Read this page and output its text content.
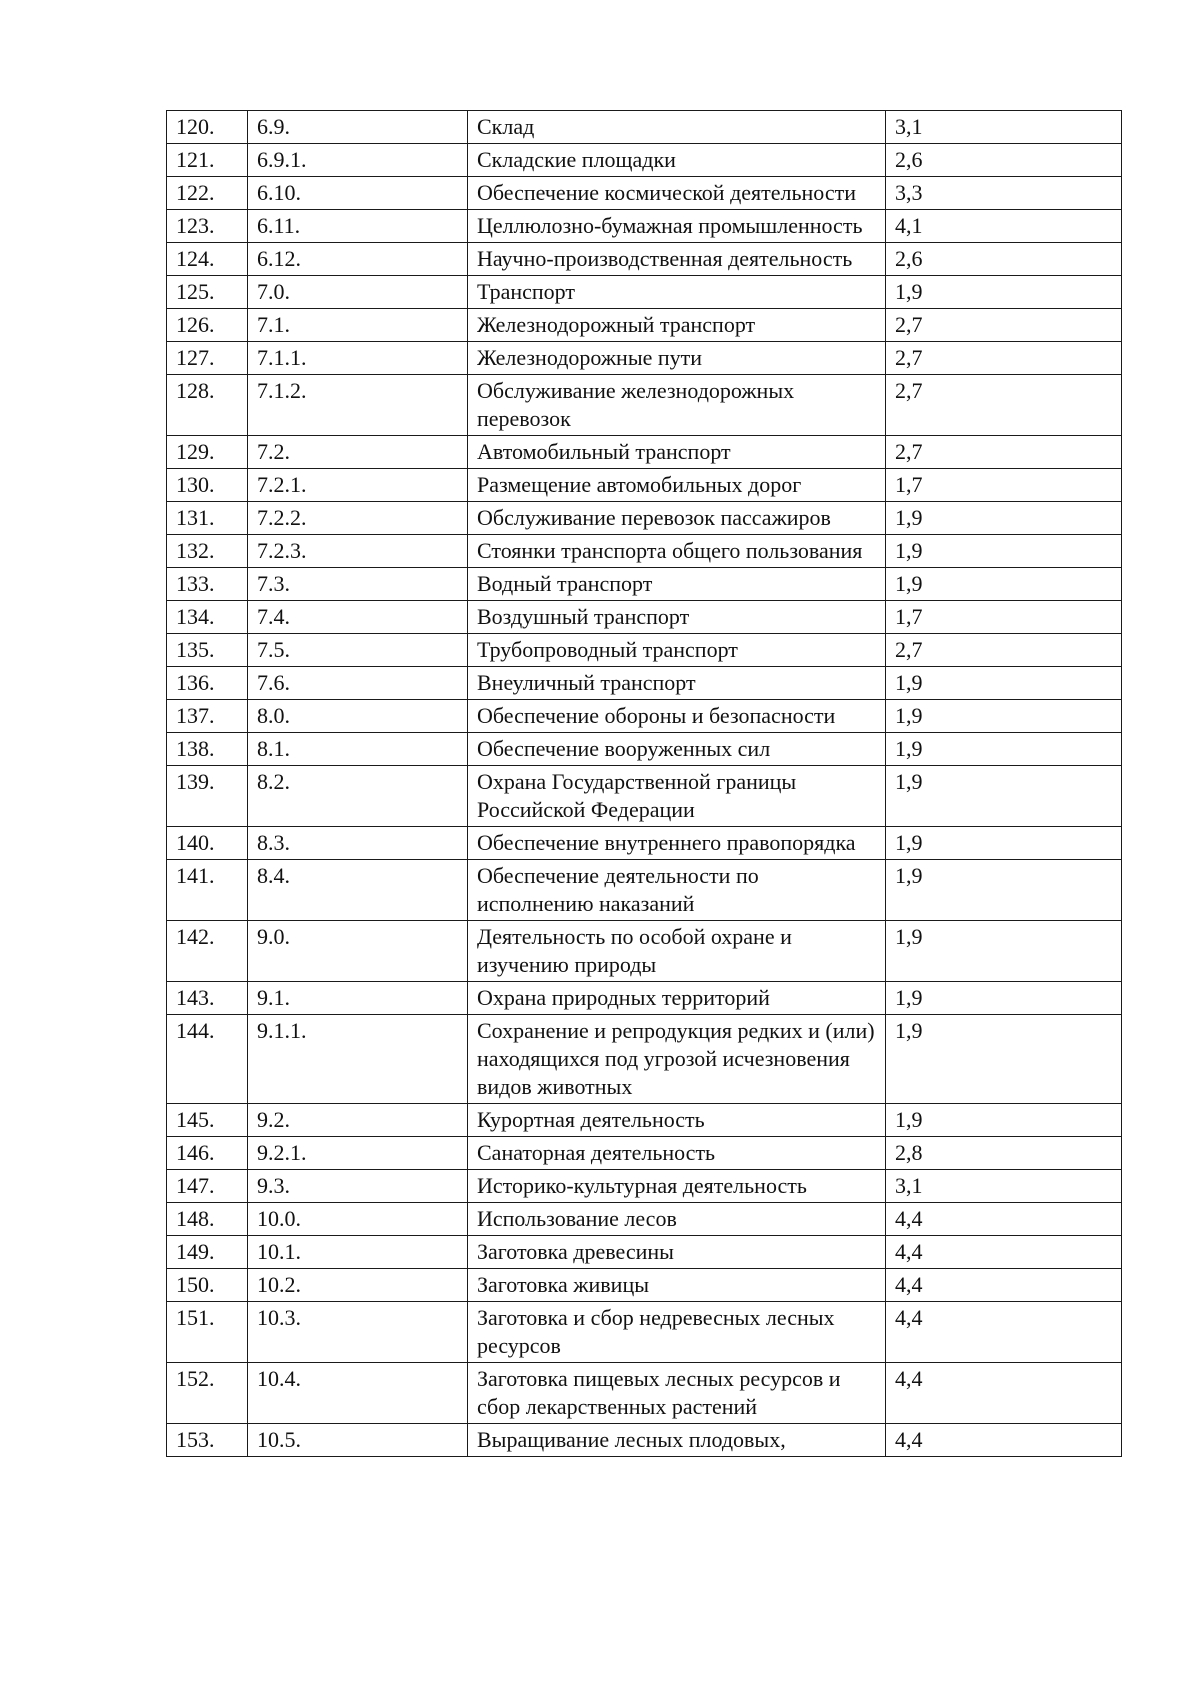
120.	6.9.	Склад	3,1
121.	6.9.1.	Складские площадки	2,6
122.	6.10.	Обеспечение космической деятельности	3,3
123.	6.11.	Целлюлозно-бумажная промышленность	4,1
124.	6.12.	Научно-производственная деятельность	2,6
125.	7.0.	Транспорт	1,9
126.	7.1.	Железнодорожный транспорт	2,7
127.	7.1.1.	Железнодорожные пути	2,7
128.	7.1.2.	Обслуживание железнодорожных перевозок	2,7
129.	7.2.	Автомобильный транспорт	2,7
130.	7.2.1.	Размещение автомобильных дорог	1,7
131.	7.2.2.	Обслуживание перевозок пассажиров	1,9
132.	7.2.3.	Стоянки транспорта общего пользования	1,9
133.	7.3.	Водный транспорт	1,9
134.	7.4.	Воздушный транспорт	1,7
135.	7.5.	Трубопроводный транспорт	2,7
136.	7.6.	Внеуличный транспорт	1,9
137.	8.0.	Обеспечение обороны и безопасности	1,9
138.	8.1.	Обеспечение вооруженных сил	1,9
139.	8.2.	Охрана Государственной границы Российской Федерации	1,9
140.	8.3.	Обеспечение внутреннего правопорядка	1,9
141.	8.4.	Обеспечение деятельности по исполнению наказаний	1,9
142.	9.0.	Деятельность по особой охране и изучению природы	1,9
143.	9.1.	Охрана природных территорий	1,9
144.	9.1.1.	Сохранение и репродукция редких и (или) находящихся под угрозой исчезновения видов животных	1,9
145.	9.2.	Курортная деятельность	1,9
146.	9.2.1.	Санаторная деятельность	2,8
147.	9.3.	Историко-культурная деятельность	3,1
148.	10.0.	Использование лесов	4,4
149.	10.1.	Заготовка древесины	4,4
150.	10.2.	Заготовка живицы	4,4
151.	10.3.	Заготовка и сбор недревесных лесных ресурсов	4,4
152.	10.4.	Заготовка пищевых лесных ресурсов и сбор лекарственных растений	4,4
153.	10.5.	Выращивание лесных плодовых,	4,4
